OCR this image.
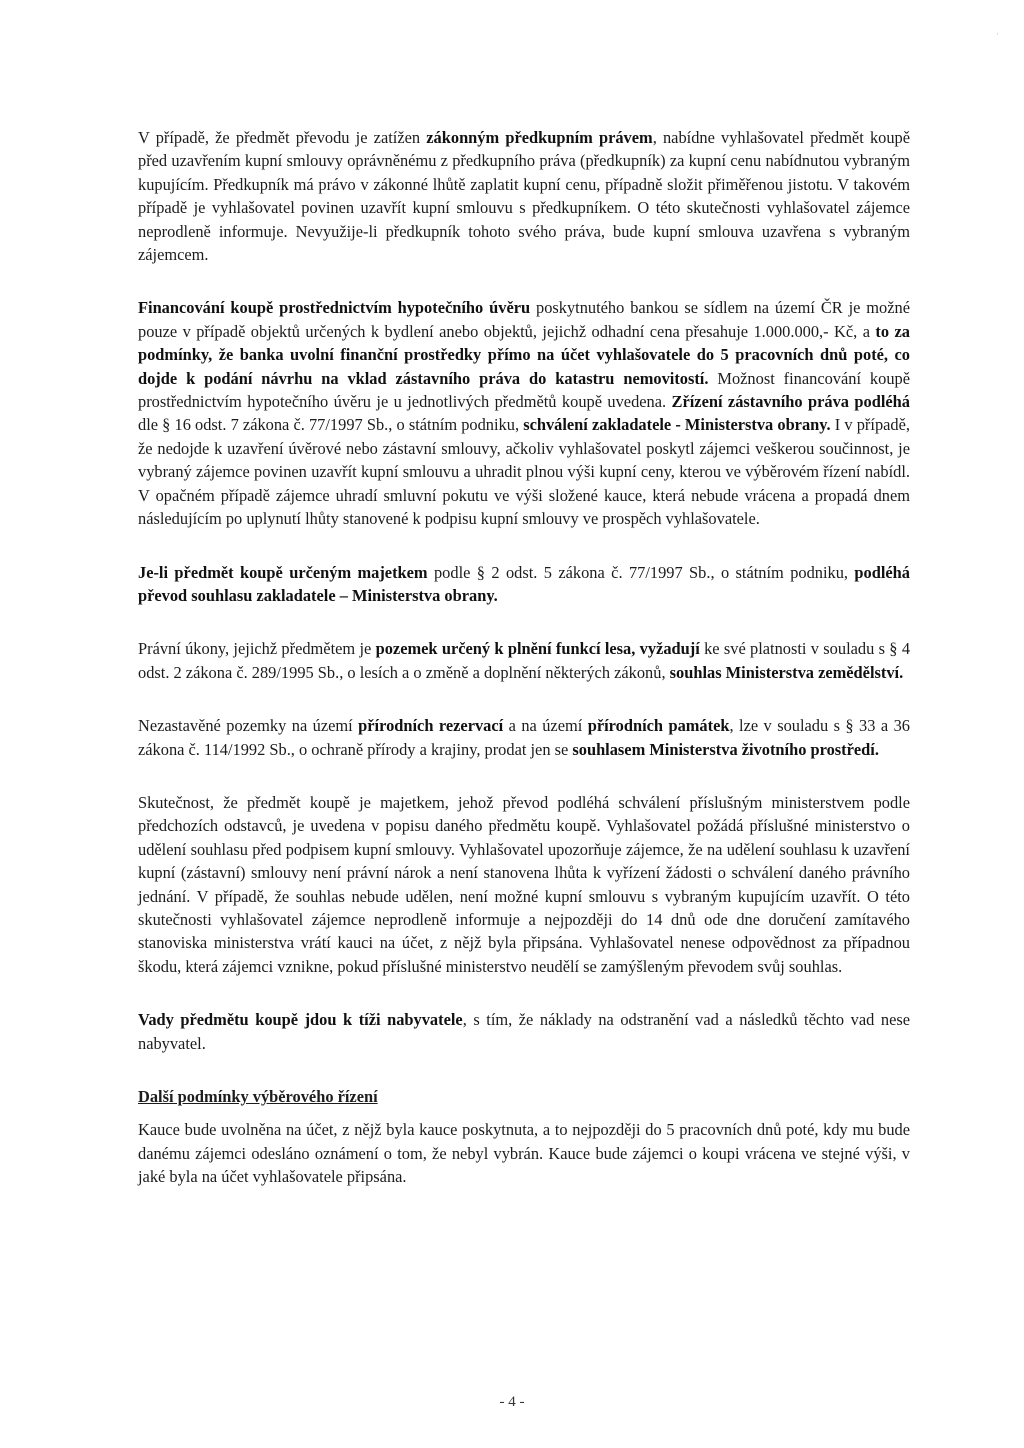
·

V případě, že předmět převodu je zatížen zákonným předkupním právem, nabídne vyhlašovatel předmět koupě před uzavřením kupní smlouvy oprávněnému z předkupního práva (předkupník) za kupní cenu nabídnutou vybraným kupujícím. Předkupník má právo v zákonné lhůtě zaplatit kupní cenu, případně složit přiměřenou jistotu. V takovém případě je vyhlašovatel povinen uzavřít kupní smlouvu s předkupníkem. O této skutečnosti vyhlašovatel zájemce neprodleně informuje. Nevyužije-li předkupník tohoto svého práva, bude kupní smlouva uzavřena s vybraným zájemcem.

Financování koupě prostřednictvím hypotečního úvěru poskytnutého bankou se sídlem na území ČR je možné pouze v případě objektů určených k bydlení anebo objektů, jejichž odhadní cena přesahuje 1.000.000,- Kč, a to za podmínky, že banka uvolní finanční prostředky přímo na účet vyhlašovatele do 5 pracovních dnů poté, co dojde k podání návrhu na vklad zástavního práva do katastru nemovitostí. Možnost financování koupě prostřednictvím hypotečního úvěru je u jednotlivých předmětů koupě uvedena. Zřízení zástavního práva podléhá dle § 16 odst. 7 zákona č. 77/1997 Sb., o státním podniku, schválení zakladatele - Ministerstva obrany. I v případě, že nedojde k uzavření úvěrové nebo zástavní smlouvy, ačkoliv vyhlašovatel poskytl zájemci veškerou součinnost, je vybraný zájemce povinen uzavřít kupní smlouvu a uhradit plnou výši kupní ceny, kterou ve výběrovém řízení nabídl. V opačném případě zájemce uhradí smluvní pokutu ve výši složené kauce, která nebude vrácena a propadá dnem následujícím po uplynutí lhůty stanovené k podpisu kupní smlouvy ve prospěch vyhlašovatele.

Je-li předmět koupě určeným majetkem podle § 2 odst. 5 zákona č. 77/1997 Sb., o státním podniku, podléhá převod souhlasu zakladatele – Ministerstva obrany.

Právní úkony, jejichž předmětem je pozemek určený k plnění funkcí lesa, vyžadují ke své platnosti v souladu s § 4 odst. 2 zákona č. 289/1995 Sb., o lesích a o změně a doplnění některých zákonů, souhlas Ministerstva zemědělství.

Nezastavěné pozemky na území přírodních rezervací a na území přírodních památek, lze v souladu s § 33 a 36 zákona č. 114/1992 Sb., o ochraně přírody a krajiny, prodat jen se souhlasem Ministerstva životního prostředí.

Skutečnost, že předmět koupě je majetkem, jehož převod podléhá schválení příslušným ministerstvem podle předchozích odstavců, je uvedena v popisu daného předmětu koupě. Vyhlašovatel požádá příslušné ministerstvo o udělení souhlasu před podpisem kupní smlouvy. Vyhlašovatel upozorňuje zájemce, že na udělení souhlasu k uzavření kupní (zástavní) smlouvy není právní nárok a není stanovena lhůta k vyřízení žádosti o schválení daného právního jednání. V případě, že souhlas nebude udělen, není možné kupní smlouvu s vybraným kupujícím uzavřít. O této skutečnosti vyhlašovatel zájemce neprodleně informuje a nejpozději do 14 dnů ode dne doručení zamítavého stanoviska ministerstva vrátí kauci na účet, z nějž byla připsána. Vyhlašovatel nenese odpovědnost za případnou škodu, která zájemci vznikne, pokud příslušné ministerstvo neudělí se zamýšleným převodem svůj souhlas.

Vady předmětu koupě jdou k tíži nabyvatele, s tím, že náklady na odstranění vad a následků těchto vad nese nabyvatel.

Další podmínky výběrového řízení
Kauce bude uvolněna na účet, z nějž byla kauce poskytnuta, a to nejpozději do 5 pracovních dnů poté, kdy mu bude danému zájemci odesláno oznámení o tom, že nebyl vybrán. Kauce bude zájemci o koupi vrácena ve stejné výši, v jaké byla na účet vyhlašovatele připsána.
- 4 -
